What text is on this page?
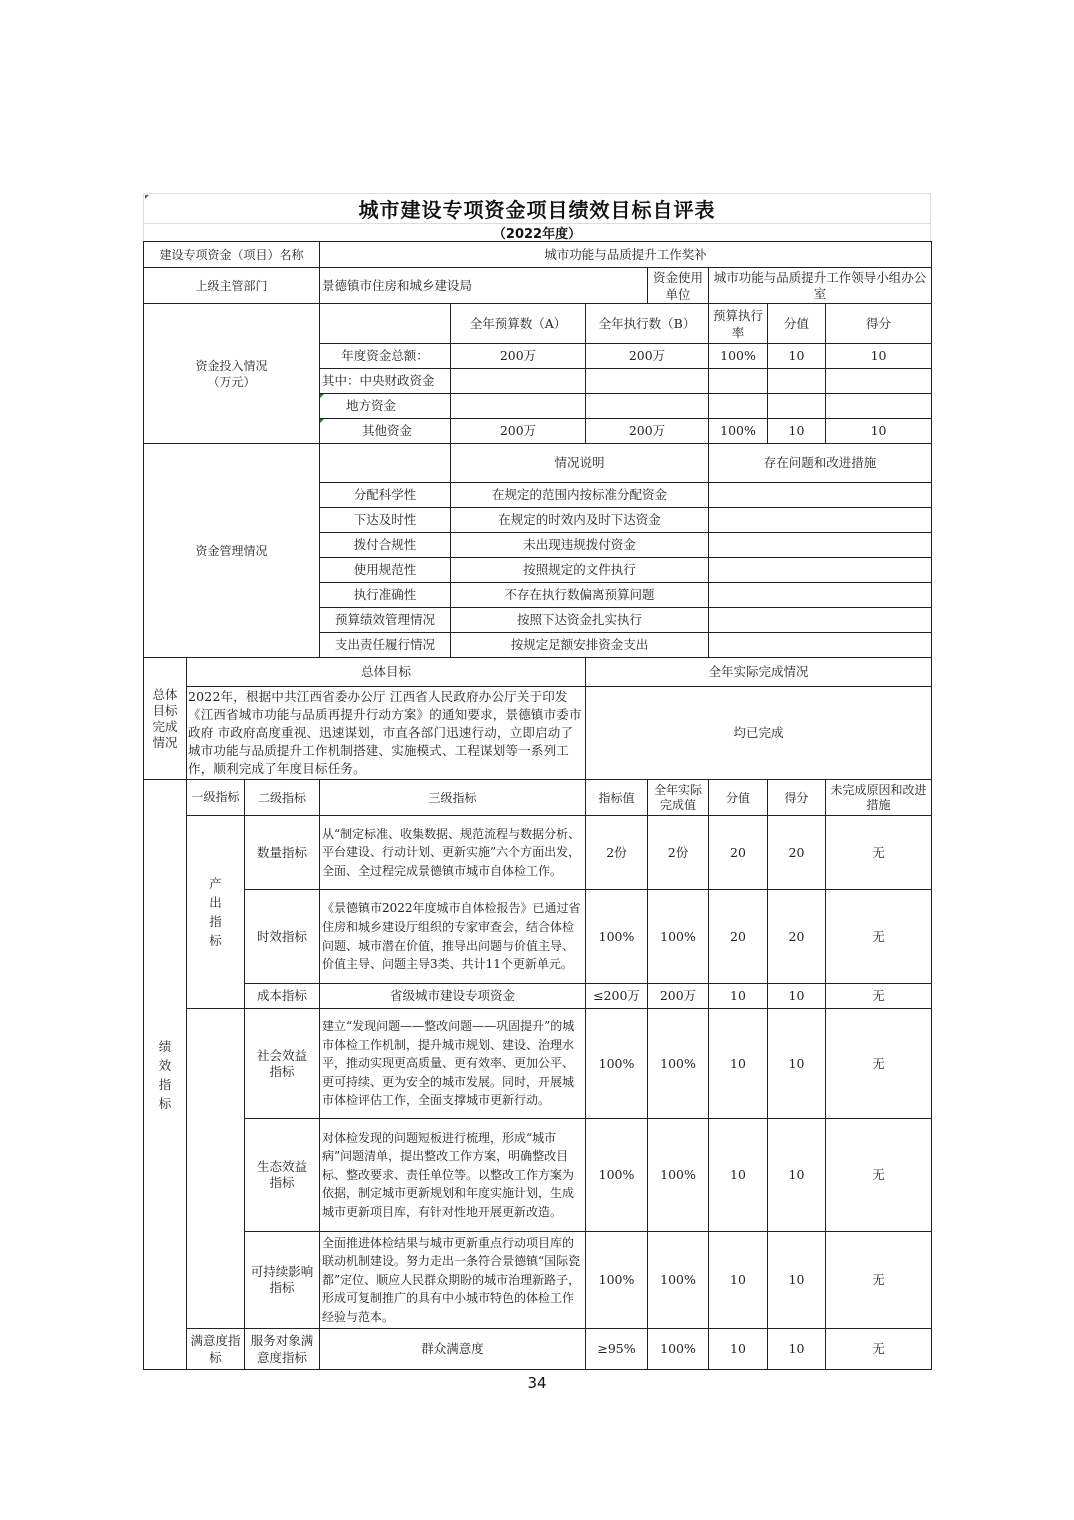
城市建设专项资金项目绩效目标自评表
（2022年度）
建设专项资金（项目）名称			城市功能与品质提升工作奖补						
上级主管部门			景德镇市住房和城乡建设局			资金使用单位	城市功能与品质提升工作领导小组办公室		

资金投入情况
（万元）				全年预算数（A）	全年执行数（B）		预算执行率	分值	得分
			年度资金总额：	200万	200万		100%	10	10
			其中：中央财政资金						
			地方资金						
			其他资金	200万	200万		100%	10	10
资金管理情况				情况说明			存在问题和改进措施		
			分配科学性	在规定的范围内按标准分配资金					
			下达及时性	在规定的时效内及时下达资金					
			拨付合规性	未出现违规拨付资金					
			使用规范性	按照规定的文件执行					
			执行准确性	不存在执行数偏离预算问题					
			预算绩效管理情况	按照下达资金扎实执行					
			支出责任履行情况	按规定足额安排资金支出					
总体目标完成情况	总体目标				全年实际完成情况				
	2022年，根据中共江西省委办公厅 江西省人民政府办公厅关于印发《江西省城市功能与品质再提升行动方案》的通知要求，景德镇市委市政府 市政府高度重视、迅速谋划，市直各部门迅速行动，立即启动了城市功能与品质提升工作机制搭建、实施模式、工程谋划等一系列工作，顺利完成了年度目标任务。				均已完成				

绩效指标	一级指标	二级指标	三级指标		指标值	全年实际完成值	分值	得分	未完成原因和改进措施

	产出指标	数量指标	从“制定标准、收集数据、规范流程与数据分析、平台建设、行动计划、更新实施”六个方面出发，全面、全过程完成景德镇市城市自体检工作。		2份	2份	20	20	无
		时效指标	《景德镇市2022年度城市自体检报告》已通过省住房和城乡建设厅组织的专家审查会，结合体检问题、城市潜在价值，推导出问题与价值主导、价值主导、问题主导3类、共计11个更新单元。		100%	100%	20	20	无
		成本指标	省级城市建设专项资金		≤200万	200万	10	10	无
		社会效益指标	建立“发现问题——整改问题——巩固提升”的城市体检工作机制，提升城市规划、建设、治理水平，推动实现更高质量、更有效率、更加公平、更可持续、更为安全的城市发展。同时，开展城市体检评估工作，全面支撑城市更新行动。		100%	100%	10	10	无
		生态效益指标	对体检发现的问题短板进行梳理，形成“城市病”问题清单，提出整改工作方案，明确整改目标、整改要求、责任单位等。以整改工作方案为依据，制定城市更新规划和年度实施计划，生成城市更新项目库，有针对性地开展更新改造。		100%	100%	10	10	无
		可持续影响指标	全面推进体检结果与城市更新重点行动项目库的联动机制建设。努力走出一条符合景德镇“国际瓷都”定位、顺应人民群众期盼的城市治理新路子，形成可复制推广的具有中小城市特色的体检工作经验与范本。		100%	100%	10	10	无
	满意度指标	服务对象满意度指标	群众满意度		≥95%	100%	10	10	无
34
